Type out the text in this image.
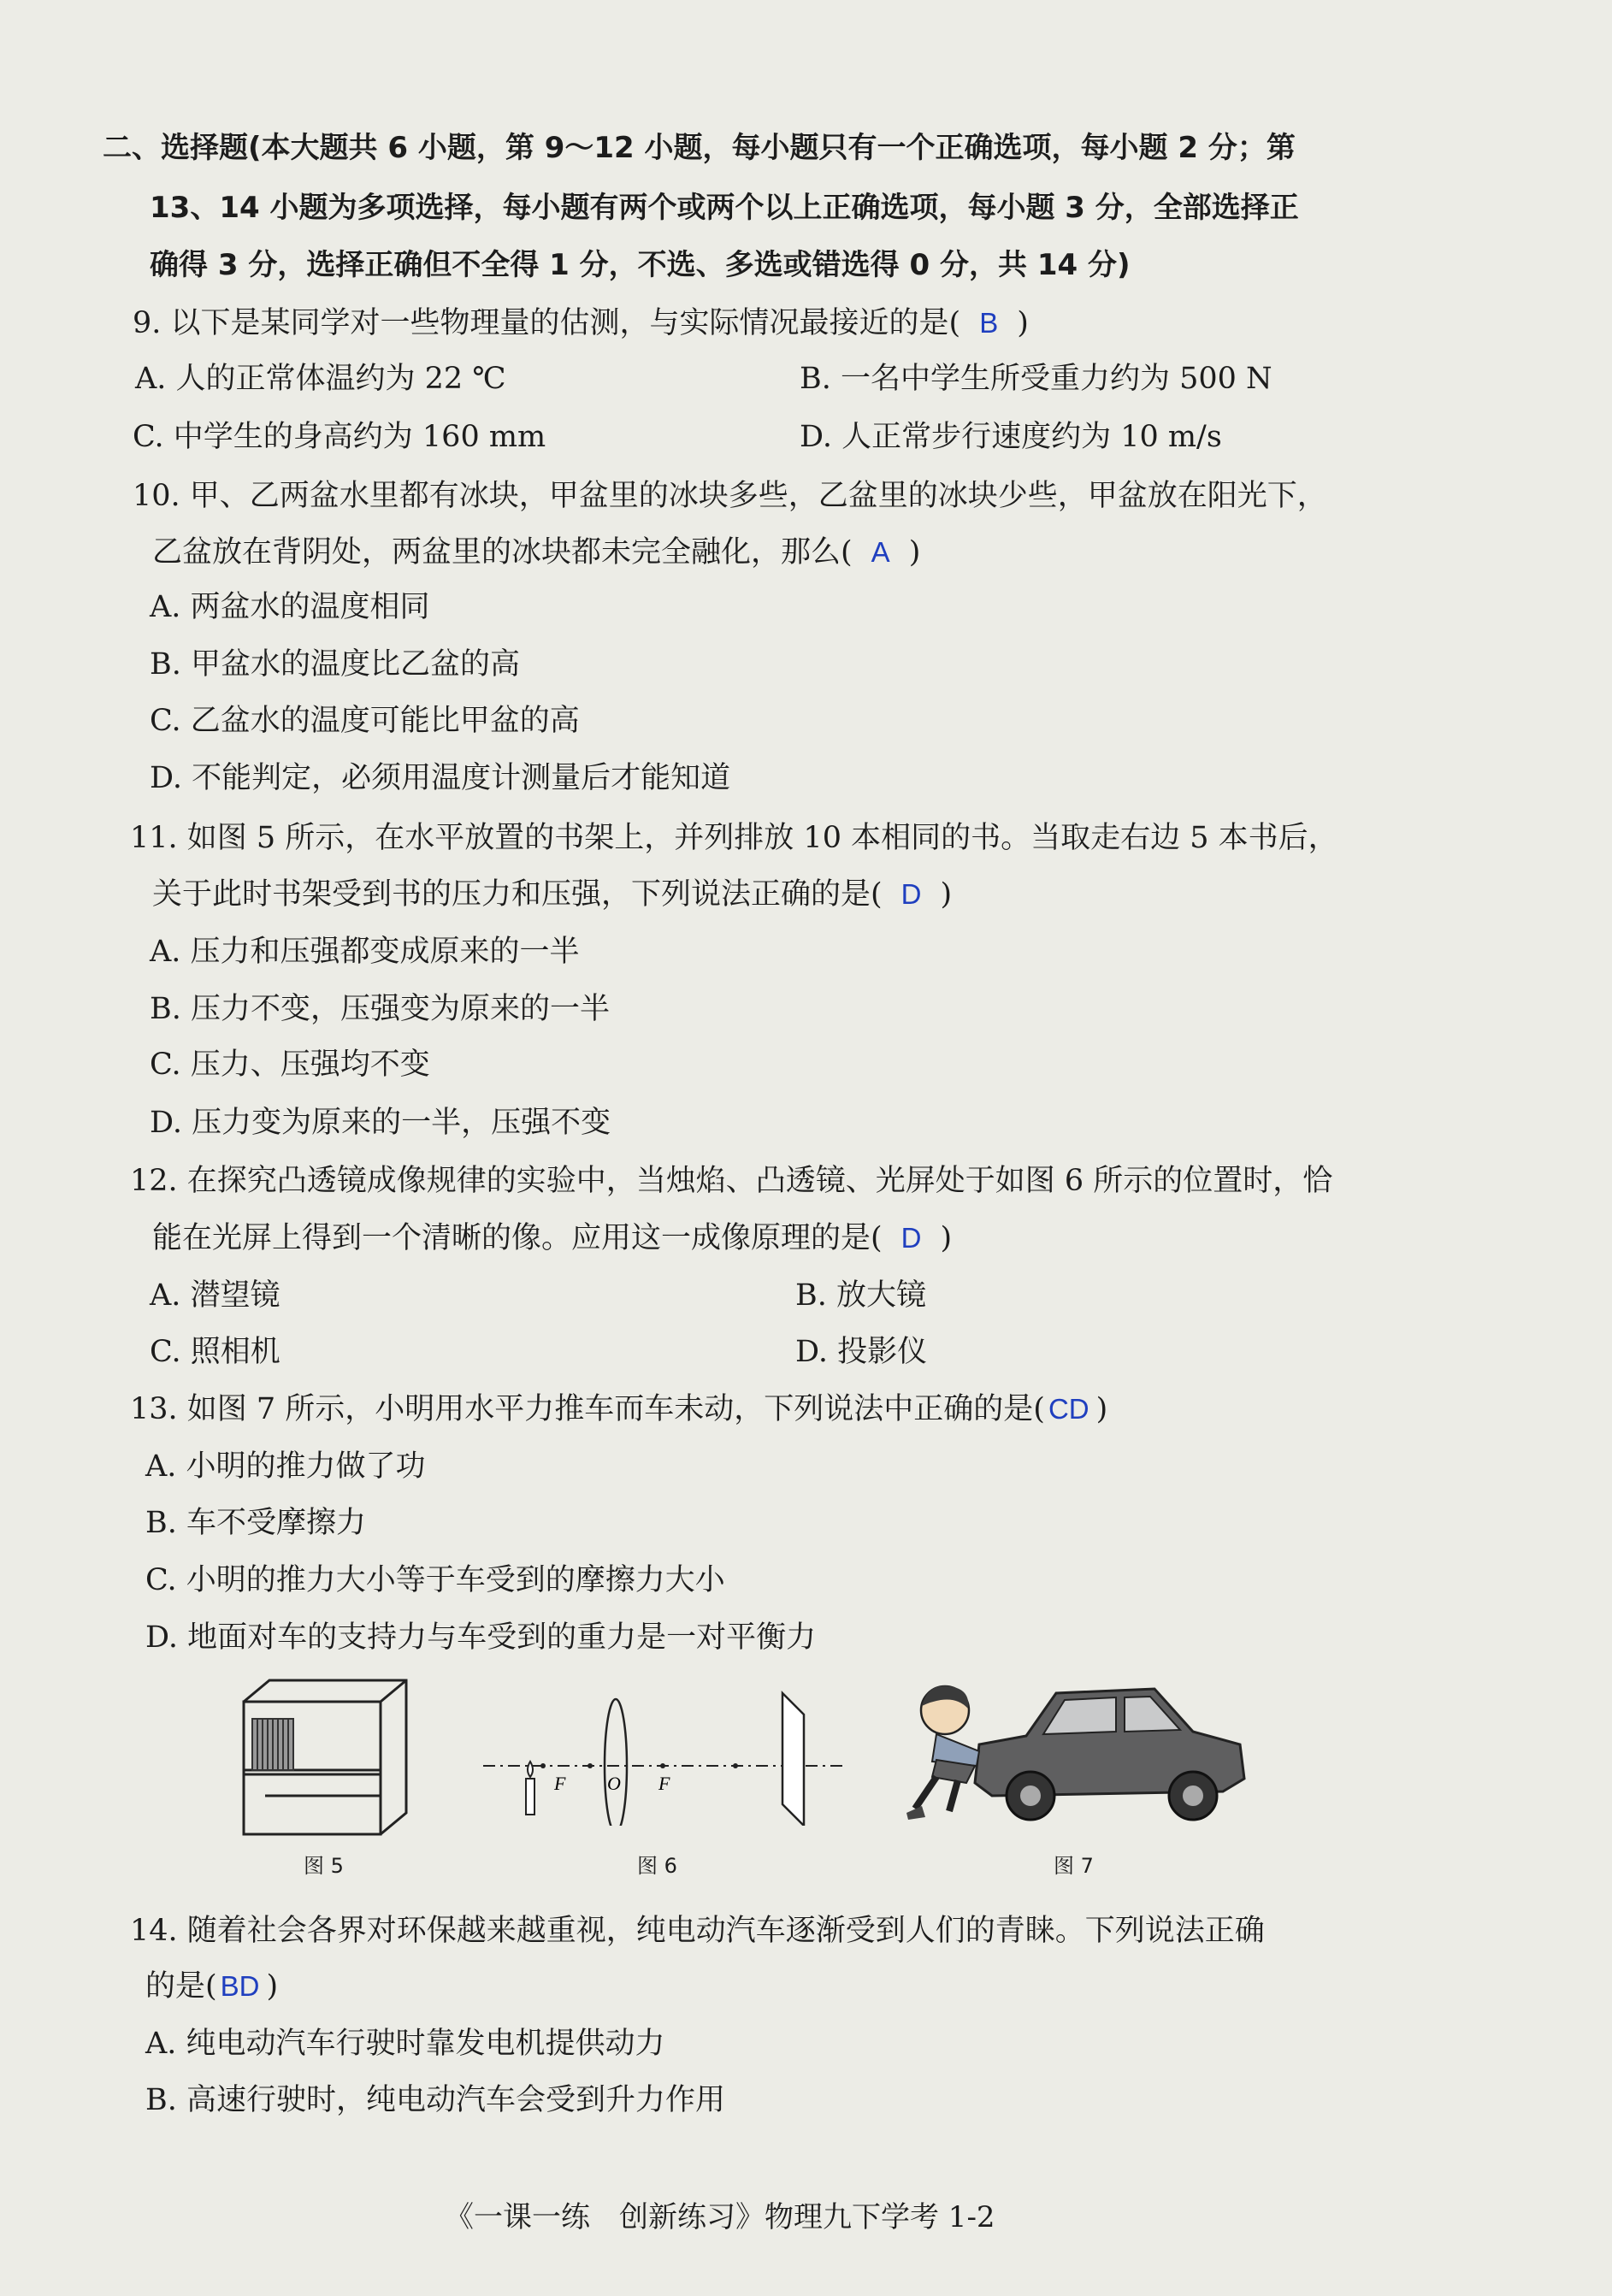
二、选择题(本大题共 6 小题，第 9～12 小题，每小题只有一个正确选项，每小题 2 分；第
13、14 小题为多项选择，每小题有两个或两个以上正确选项，每小题 3 分，全部选择正
确得 3 分，选择正确但不全得 1 分，不选、多选或错选得 0 分，共 14 分)
9. 以下是某同学对一些物理量的估测，与实际情况最接近的是( B )
A. 人的正常体温约为 22 ℃	B. 一名中学生所受重力约为 500 N
C. 中学生的身高约为 160 mm	D. 人正常步行速度约为 10 m/s
10. 甲、乙两盆水里都有冰块，甲盆里的冰块多些，乙盆里的冰块少些，甲盆放在阳光下，
乙盆放在背阴处，两盆里的冰块都未完全融化，那么( A )
A. 两盆水的温度相同
B. 甲盆水的温度比乙盆的高
C. 乙盆水的温度可能比甲盆的高
D. 不能判定，必须用温度计测量后才能知道
11. 如图 5 所示，在水平放置的书架上，并列排放 10 本相同的书。当取走右边 5 本书后，
关于此时书架受到书的压力和压强，下列说法正确的是( D )
A. 压力和压强都变成原来的一半
B. 压力不变，压强变为原来的一半
C. 压力、压强均不变
D. 压力变为原来的一半，压强不变
12. 在探究凸透镜成像规律的实验中，当烛焰、凸透镜、光屏处于如图 6 所示的位置时，恰
能在光屏上得到一个清晰的像。应用这一成像原理的是( D )
A. 潜望镜	B. 放大镜
C. 照相机	D. 投影仪
13. 如图 7 所示，小明用水平力推车而车未动，下列说法中正确的是( CD )
A. 小明的推力做了功
B. 车不受摩擦力
C. 小明的推力大小等于车受到的摩擦力大小
D. 地面对车的支持力与车受到的重力是一对平衡力
图 5
F O F
图 6	图 7
14. 随着社会各界对环保越来越重视，纯电动汽车逐渐受到人们的青睐。下列说法正确
的是( BD )
A. 纯电动汽车行驶时靠发电机提供动力
B. 高速行驶时，纯电动汽车会受到升力作用
《一课一练　创新练习》物理九下学考 1-2
